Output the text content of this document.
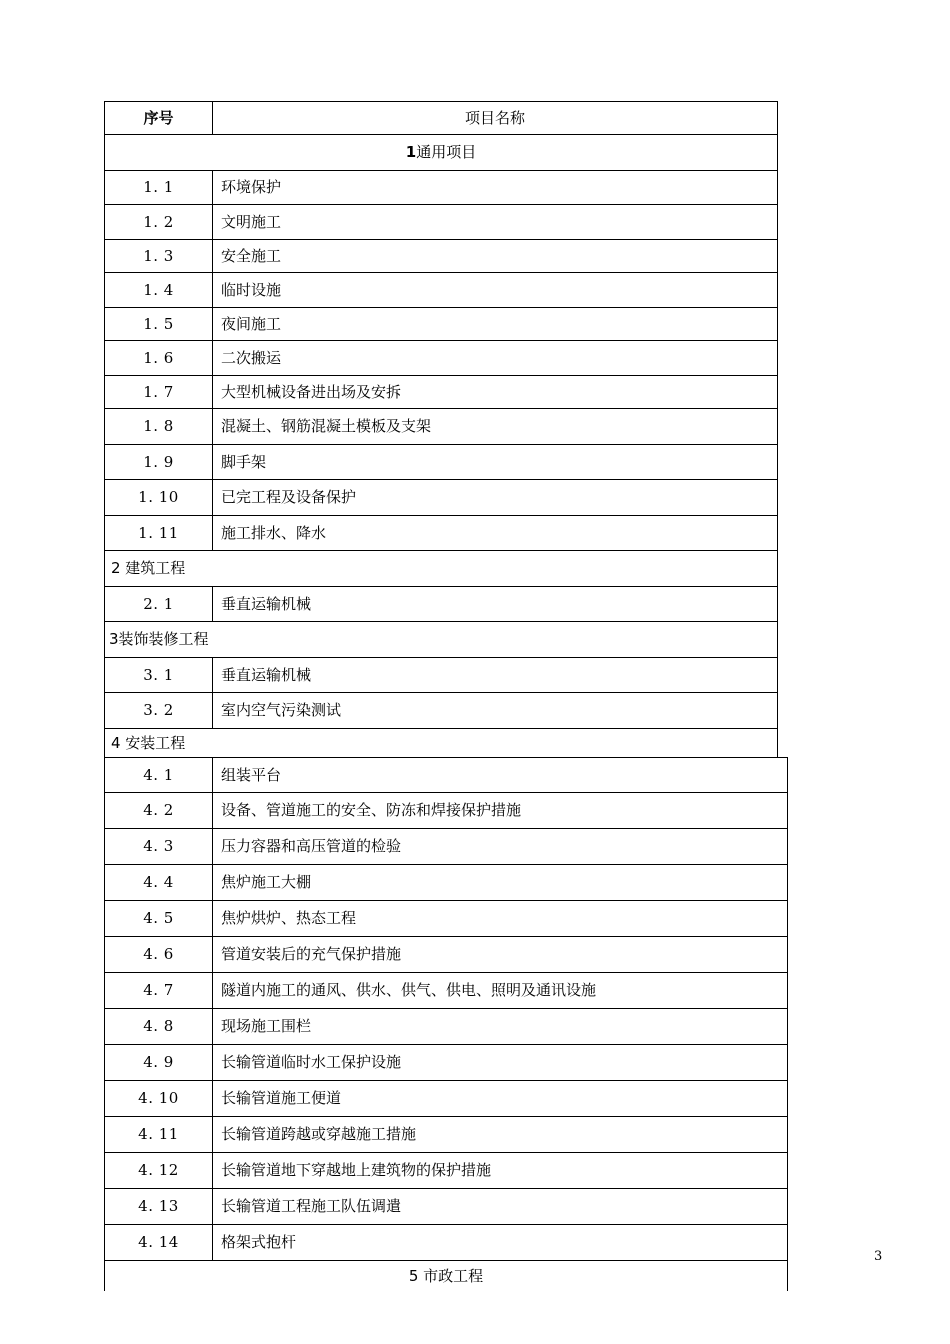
序号	项目名称
1通用项目	
1. 1	环境保护
1. 2	文明施工
1. 3	安全施工
1. 4	临时设施
1. 5	夜间施工
1. 6	二次搬运
1. 7	大型机械设备进出场及安拆
1. 8	混凝土、钢筋混凝土模板及支架
1. 9	脚手架
1. 10	已完工程及设备保护
1. 11	施工排水、降水
2 建筑工程	
2. 1	垂直运输机械
3装饰装修工程	
3. 1	垂直运输机械
3. 2	室内空气污染测试
4 安装工程	
4. 1	组装平台
4. 2	设备、管道施工的安全、防冻和焊接保护措施
4. 3	压力容器和高压管道的检验
4. 4	焦炉施工大棚
4. 5	焦炉烘炉、热态工程
4. 6	管道安装后的充气保护措施
4. 7	隧道内施工的通风、供水、供气、供电、照明及通讯设施
4. 8	现场施工围栏
4. 9	长输管道临时水工保护设施
4. 10	长输管道施工便道
4. 11	长输管道跨越或穿越施工措施
4. 12	长输管道地下穿越地上建筑物的保护措施
4. 13	长输管道工程施工队伍调遣
4. 14	格架式抱杆
5 市政工程	
3
